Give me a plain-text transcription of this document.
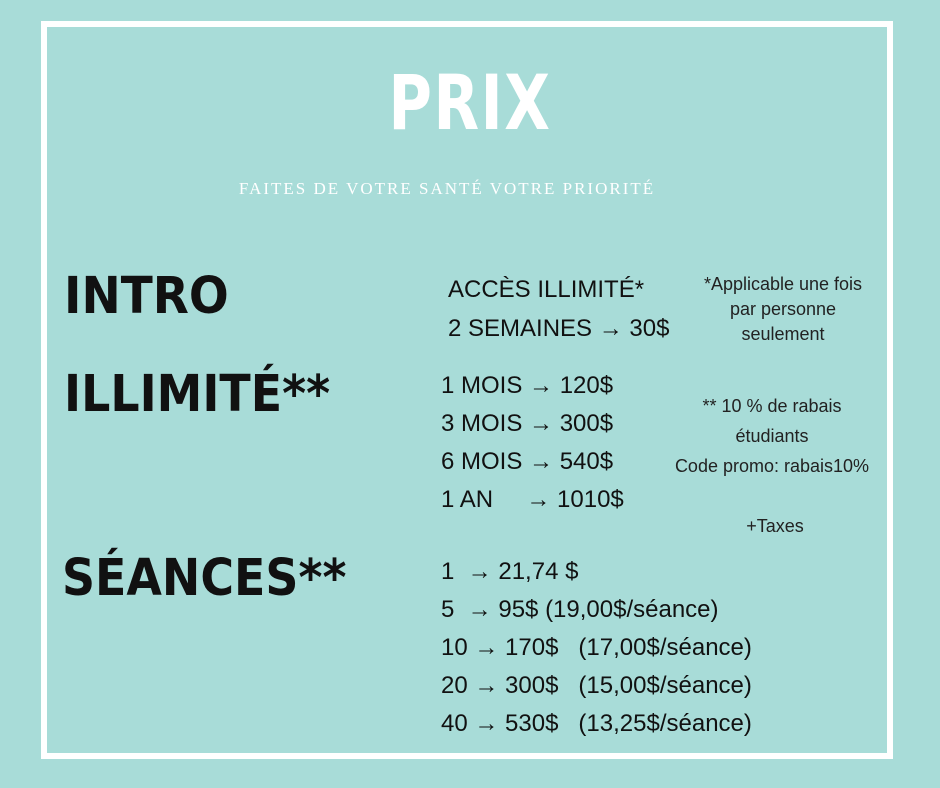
PRIX
FAITES DE VOTRE SANTÉ VOTRE PRIORITÉ
INTRO	ACCÈS ILLIMITÉ*
2 SEMAINES → 30$
*Applicable une fois
par personne
seulement
ILLIMITÉ**	1 MOIS → 120$
3 MOIS → 300$
6 MOIS → 540$
1 AN     → 1010$
** 10 % de rabais
étudiants
Code promo: rabais10%
+Taxes
SÉANCES**	1  → 21,74 $
5  → 95$ (19,00$/séance)
10 → 170$   (17,00$/séance)
20 → 300$   (15,00$/séance)
40 → 530$   (13,25$/séance)
